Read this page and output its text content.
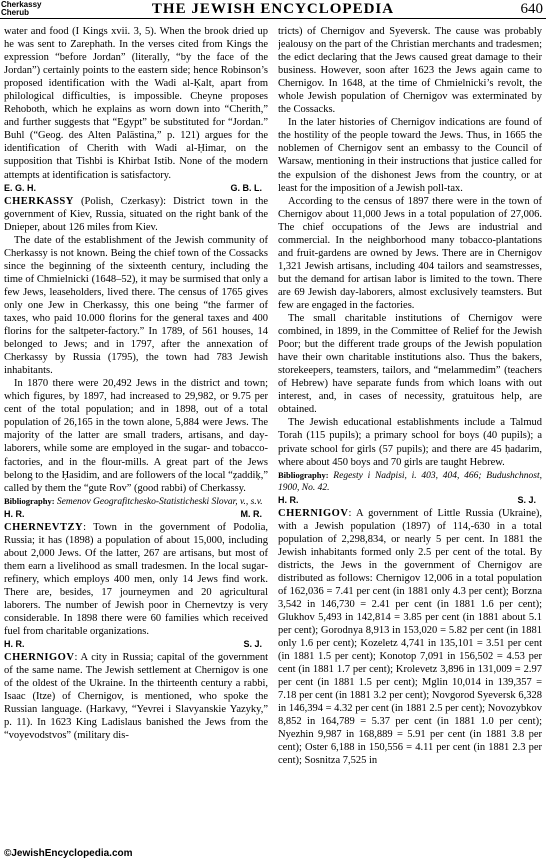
Cherkassy
Cherub	THE JEWISH ENCYCLOPEDIA	640

water and food (I Kings xvii. 3, 5). When the brook dried up he was sent to Zarephath. In the verses cited from Kings the expression “before Jordan” (literally, “by the face of the Jordan”) certainly points to the eastern side; hence Robinson’s proposed identification with the Wadi al-Ḳalt, apart from philological difficulties, is impossible. Cheyne proposes Rehoboth, which he explains as worn down into “Cherith,” and further suggests that “Egypt” be substituted for “Jordan.” Buhl (“Geog. des Alten Palästina,” p. 121) argues for the identification of Cherith with Wadi al-Ḥimar, on the supposition that Tishbi is Khirbat Istib. None of the modern attempts at identification is satisfactory.

E. G. H.	G. B. L.

CHERKASSY (Polish, Czerkasy): District town in the government of Kiev, Russia, situated on the right bank of the Dnieper, about 126 miles from Kiev.

The date of the establishment of the Jewish community of Cherkassy is not known. Being the chief town of the Cossacks since the beginning of the sixteenth century, including the time of Chmielnicki (1648–52), it may be surmised that only a few Jews, leaseholders, lived there. The census of 1765 gives only one Jew in Cherkassy, this one being “the farmer of taxes, who paid 10.000 florins for the general taxes and 400 florins for the saltpeter-factory.” In 1789, of 561 houses, 14 belonged to Jews; and in 1797, after the annexation of Cherkassy by Russia (1795), the town had 783 Jewish inhabitants.

In 1870 there were 20,492 Jews in the district and town; which figures, by 1897, had increased to 29,982, or 9.75 per cent of the total population; and in 1898, out of a total population of 26,165 in the town alone, 5,884 were Jews. The majority of the latter are small traders, artisans, and day-laborers, while some are employed in the sugar- and tobacco-factories, and in the flour-mills. A great part of the Jews belong to the Ḥasidim, and are followers of the local “ẓaddiḳ,” called by them the “gute Rov” (good rabbi) of Cherkassy.

Bibliography: Semenov Geografitchesko-Statisticheski Slovar, v., s.v.

H. R.	M. R.

CHERNEVTZY: Town in the government of Podolia, Russia; it has (1898) a population of about 15,000, including about 2,000 Jews. Of the latter, 267 are artisans, but most of them earn a livelihood as small tradesmen. In the local sugar-refinery, which employs 400 men, only 14 Jews find work. There are, besides, 17 journeymen and 20 agricultural laborers. The number of Jewish poor in Chernevtzy is very considerable. In 1898 there were 60 families which received fuel from charitable organizations.

H. R.	S. J.

CHERNIGOV: A city in Russia; capital of the government of the same name. The Jewish settlement at Chernigov is one of the oldest of the Ukraine. In the thirteenth century a rabbi, Isaac (Itze) of Chernigov, is mentioned, who spoke the Russian language. (Harkavy, “Yevrei i Slavyanskie Yazyky,” p. 11). In 1623 King Ladislaus banished the Jews from the “voyevodstvos” (military dis-

tricts) of Chernigov and Syeversk. The cause was probably jealousy on the part of the Christian merchants and tradesmen; the edict declaring that the Jews caused great damage to their business. However, soon after 1623 the Jews again came to Chernigov. In 1648, at the time of Chmielnicki’s revolt, the whole Jewish population of Chernigov was exterminated by the Cossacks.

In the later histories of Chernigov indications are found of the hostility of the people toward the Jews. Thus, in 1665 the noblemen of Chernigov sent an embassy to the Council of Warsaw, mentioning in their instructions that justice called for the expulsion of the dishonest Jews from the country, or at least for the imposition of a Jewish poll-tax.

According to the census of 1897 there were in the town of Chernigov about 11,000 Jews in a total population of 27,006. The chief occupations of the Jews are industrial and commercial. In the neighborhood many tobacco-plantations and fruit-gardens are owned by Jews. There are in Chernigov 1,321 Jewish artisans, including 404 tailors and seamstresses, but the demand for artisan labor is limited to the town. There are 69 Jewish day-laborers, almost exclusively teamsters. But few are engaged in the factories.

The small charitable institutions of Chernigov were combined, in 1899, in the Committee of Relief for the Jewish Poor; but the different trade groups of the Jewish population have their own charitable institutions also. Thus the bakers, storekeepers, teamsters, tailors, and “melammedim” (teachers of Hebrew) have separate funds from which loans with out interest, and, in cases of necessity, gratuitous help, are obtained.

The Jewish educational establishments include a Talmud Torah (115 pupils); a primary school for boys (40 pupils); a private school for girls (57 pupils); and there are 45 ḥadarim, where about 450 boys and 70 girls are taught Hebrew.

Bibliography: Regesty i Nadpisi, i. 403, 404, 466; Budushchnost, 1900, No. 42.

H. R.	S. J.

CHERNIGOV: A government of Little Russia (Ukraine), with a Jewish population (1897) of 114,-630 in a total population of 2,298,834, or nearly 5 per cent. In 1881 the Jewish inhabitants formed only 2.5 per cent of the total. By districts, the Jews in the government of Chernigov are distributed as follows: Chernigov 12,006 in a total population of 162,036 = 7.41 per cent (in 1881 only 4.3 per cent); Borzna 3,542 in 146,730 = 2.41 per cent (in 1881 1.6 per cent); Glukhov 5,493 in 142,814 = 3.85 per cent (in 1881 about 5.1 per cent); Gorodnya 8,913 in 153,020 = 5.82 per cent (in 1881 only 1.6 per cent); Kozeletz 4,741 in 135,101 = 3.51 per cent (in 1881 1.5 per cent); Konotop 7,091 in 156,502 = 4.53 per cent (in 1881 1.7 per cent); Krolevetz 3,896 in 131,009 = 2.97 per cent (in 1881 1.5 per cent); Mglin 10,014 in 139,357 = 7.18 per cent (in 1881 3.2 per cent); Novgorod Syeversk 6,328 in 146,394 = 4.32 per cent (in 1881 2.5 per cent); Novozybkov 8,852 in 164,789 = 5.37 per cent (in 1881 1.0 per cent); Nyezhin 9,987 in 168,889 = 5.91 per cent (in 1881 3.8 per cent); Oster 6,188 in 150,556 = 4.11 per cent (in 1881 2.3 per cent); Sosnitza 7,525 in

©JewishEncyclopedia.com
